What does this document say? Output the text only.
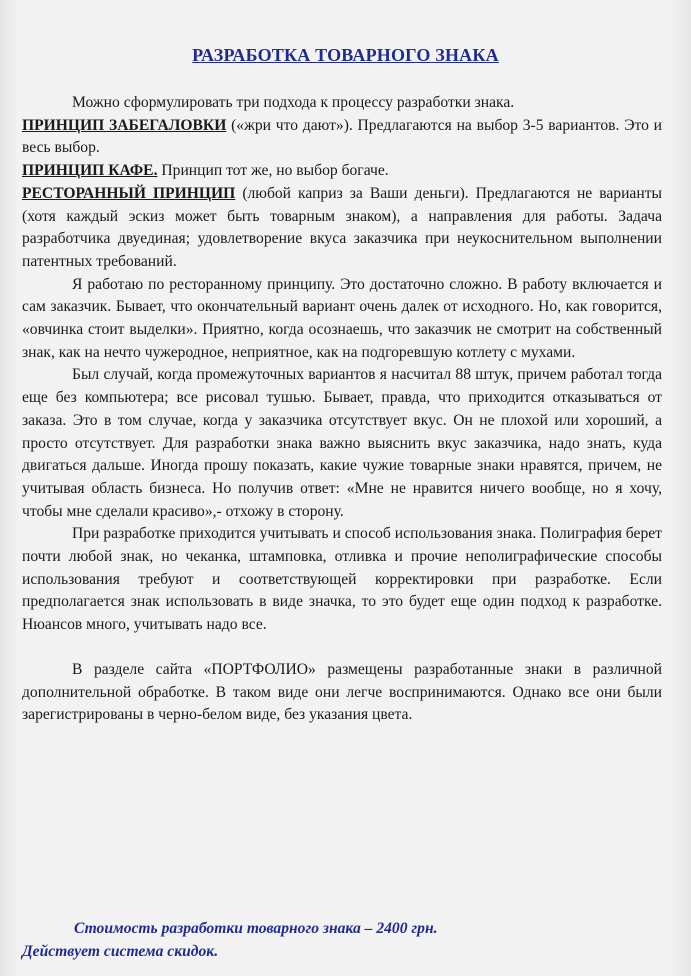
РАЗРАБОТКА ТОВАРНОГО ЗНАКА

Можно сформулировать три подхода к процессу разработки знака.

ПРИНЦИП ЗАБЕГАЛОВКИ («жри что дают»). Предлагаются на выбор 3-5 вариантов. Это и весь выбор.

ПРИНЦИП КАФЕ. Принцип тот же, но выбор богаче.

РЕСТОРАННЫЙ ПРИНЦИП (любой каприз за Ваши деньги). Предлагаются не варианты (хотя каждый эскиз может быть товарным знаком), а направления для работы. Задача разработчика двуединая; удовлетворение вкуса заказчика при неукоснительном выполнении патентных требований.

Я работаю по ресторанному принципу. Это достаточно сложно. В работу включается и сам заказчик. Бывает, что окончательный вариант очень далек от исходного. Но, как говорится, «овчинка стоит выделки». Приятно, когда осознаешь, что заказчик не смотрит на собственный знак, как на нечто чужеродное, неприятное, как на подгоревшую котлету с мухами.

Был случай, когда промежуточных вариантов я насчитал 88 штук, причем работал тогда еще без компьютера; все рисовал тушью. Бывает, правда, что приходится отказываться от заказа. Это в том случае, когда у заказчика отсутствует вкус. Он не плохой или хороший, а просто отсутствует. Для разработки знака важно выяснить вкус заказчика, надо знать, куда двигаться дальше. Иногда прошу показать, какие чужие товарные знаки нравятся, причем, не учитывая область бизнеса. Но получив ответ: «Мне не нравится ничего вообще, но я хочу, чтобы мне сделали красиво»,- отхожу в сторону.

При разработке приходится учитывать и способ использования знака. Полиграфия берет почти любой знак, но чеканка, штамповка, отливка и прочие неполиграфические способы использования требуют и соответствующей корректировки при разработке. Если предполагается знак использовать в виде значка, то это будет еще один подход к разработке. Нюансов много, учитывать надо все.

В разделе сайта «ПОРТФОЛИО» размещены разработанные знаки в различной дополнительной обработке. В таком виде они легче воспринимаются. Однако все они были зарегистрированы в черно-белом виде, без указания цвета.

Стоимость разработки товарного знака – 2400 грн.
Действует система скидок.
